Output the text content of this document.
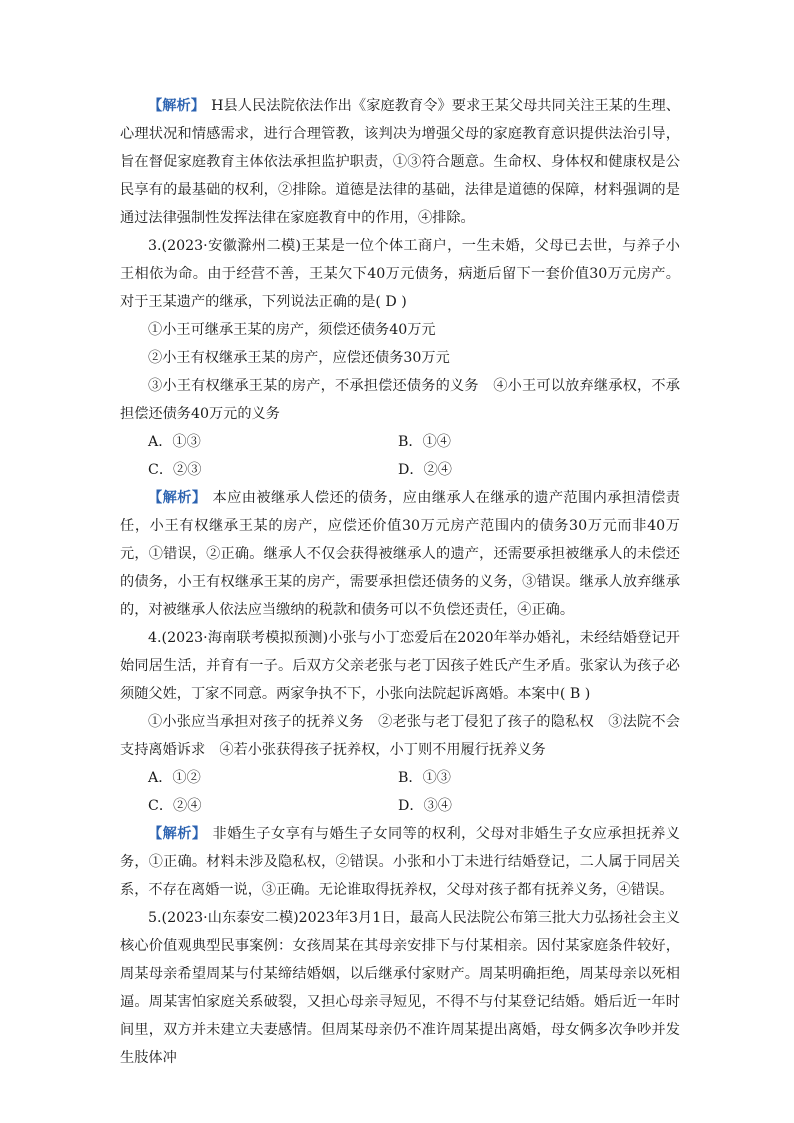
【解析】 H县人民法院依法作出《家庭教育令》要求王某父母共同关注王某的生理、心理状况和情感需求，进行合理管教，该判决为增强父母的家庭教育意识提供法治引导，旨在督促家庭教育主体依法承担监护职责，①③符合题意。生命权、身体权和健康权是公民享有的最基础的权利，②排除。道德是法律的基础，法律是道德的保障，材料强调的是通过法律强制性发挥法律在家庭教育中的作用，④排除。

3.(2023·安徽滁州二模)王某是一位个体工商户，一生未婚，父母已去世，与养子小王相依为命。由于经营不善，王某欠下40万元债务，病逝后留下一套价值30万元房产。对于王某遗产的继承，下列说法正确的是( D )

①小王可继承王某的房产，须偿还债务40万元

②小王有权继承王某的房产，应偿还债务30万元

③小王有权继承王某的房产，不承担偿还债务的义务　④小王可以放弃继承权，不承担偿还债务40万元的义务

A．①③	B．①④
C．②③	D．②④

【解析】 本应由被继承人偿还的债务，应由继承人在继承的遗产范围内承担清偿责任，小王有权继承王某的房产，应偿还价值30万元房产范围内的债务30万元而非40万元，①错误，②正确。继承人不仅会获得被继承人的遗产，还需要承担被继承人的未偿还的债务，小王有权继承王某的房产，需要承担偿还债务的义务，③错误。继承人放弃继承的，对被继承人依法应当缴纳的税款和债务可以不负偿还责任，④正确。

4.(2023·海南联考模拟预测)小张与小丁恋爱后在2020年举办婚礼，未经结婚登记开始同居生活，并育有一子。后双方父亲老张与老丁因孩子姓氏产生矛盾。张家认为孩子必须随父姓，丁家不同意。两家争执不下，小张向法院起诉离婚。本案中( B )

①小张应当承担对孩子的抚养义务　②老张与老丁侵犯了孩子的隐私权　③法院不会支持离婚诉求　④若小张获得孩子抚养权，小丁则不用履行抚养义务

A．①②	B．①③
C．②④	D．③④

【解析】 非婚生子女享有与婚生子女同等的权利，父母对非婚生子女应承担抚养义务，①正确。材料未涉及隐私权，②错误。小张和小丁未进行结婚登记，二人属于同居关系，不存在离婚一说，③正确。无论谁取得抚养权，父母对孩子都有抚养义务，④错误。

5.(2023·山东泰安二模)2023年3月1日，最高人民法院公布第三批大力弘扬社会主义核心价值观典型民事案例：女孩周某在其母亲安排下与付某相亲。因付某家庭条件较好，周某母亲希望周某与付某缔结婚姻，以后继承付家财产。周某明确拒绝，周某母亲以死相逼。周某害怕家庭关系破裂，又担心母亲寻短见，不得不与付某登记结婚。婚后近一年时间里，双方并未建立夫妻感情。但周某母亲仍不准许周某提出离婚，母女俩多次争吵并发生肢体冲
